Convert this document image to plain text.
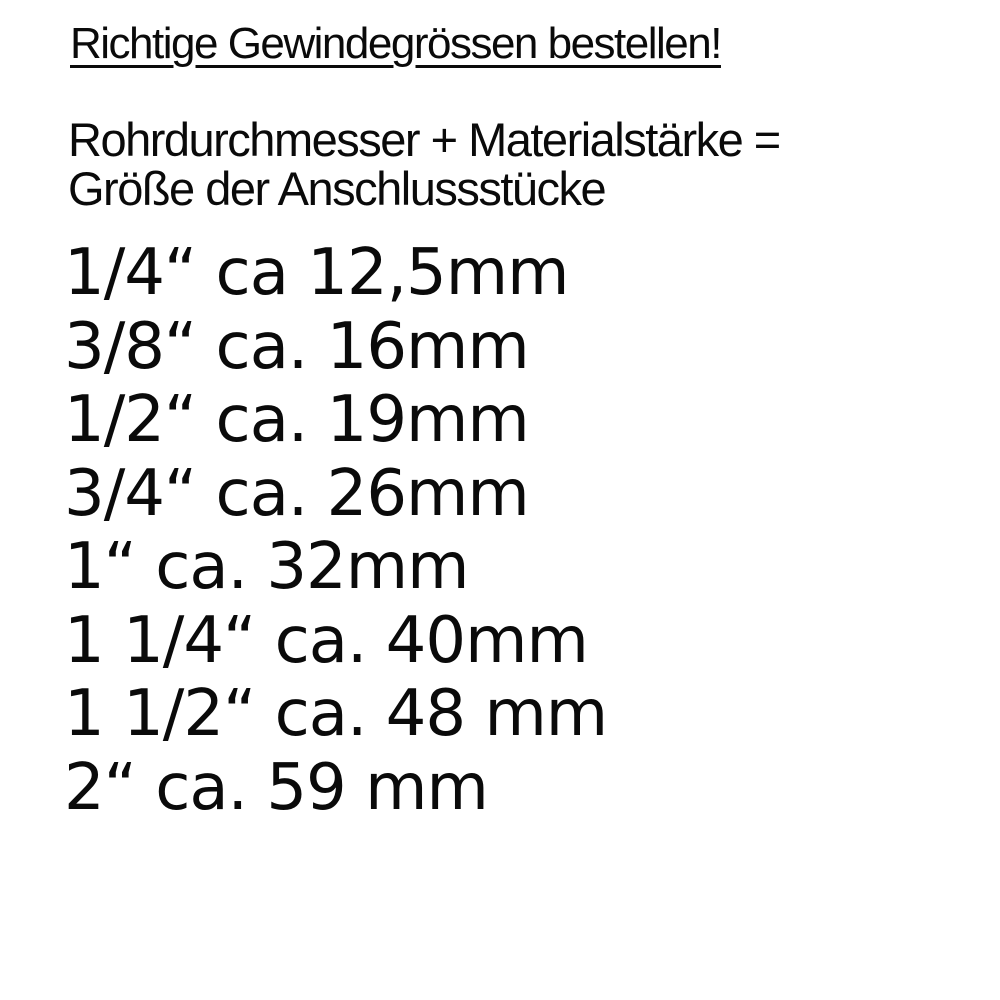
Richtige Gewindegrössen bestellen!
Rohrdurchmesser + Materialstärke =
Größe der Anschlussstücke
1/4“ ca 12,5mm
3/8“ ca. 16mm
1/2“ ca. 19mm
3/4“ ca. 26mm
1“ ca. 32mm
1 1/4“ ca. 40mm
1 1/2“ ca. 48 mm
2“ ca. 59 mm
